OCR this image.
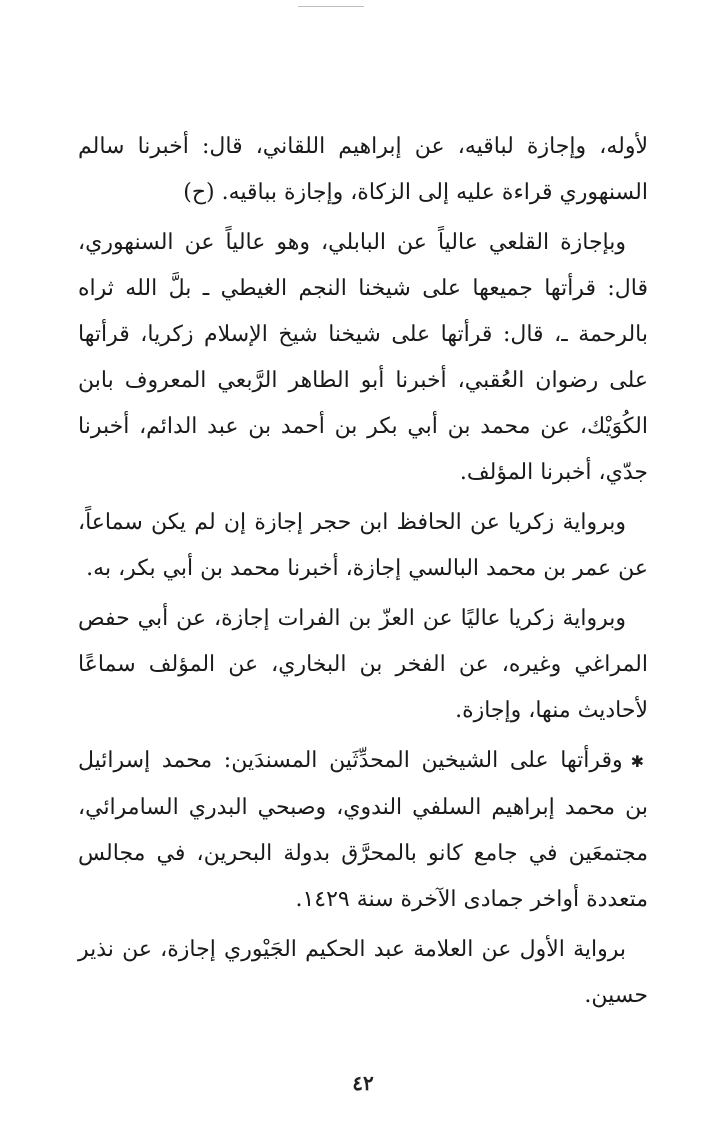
لأوله، وإجازة لباقيه، عن إبراهيم اللقاني، قال: أخبرنا سالم السنهوري قراءة عليه إلى الزكاة، وإجازة بباقيه. (ح)

وبإجازة القلعي عالياً عن البابلي، وهو عالياً عن السنهوري، قال: قرأتها جميعها على شيخنا النجم الغيطي ـ بلَّ الله ثراه بالرحمة ـ، قال: قرأتها على شيخنا شيخ الإسلام زكريا، قرأتها على رضوان العُقبي، أخبرنا أبو الطاهر الرَّبعي المعروف بابن الكُوَيْك، عن محمد بن أبي بكر بن أحمد بن عبد الدائم، أخبرنا جدّي، أخبرنا المؤلف.

وبرواية زكريا عن الحافظ ابن حجر إجازة إن لم يكن سماعاً، عن عمر بن محمد البالسي إجازة، أخبرنا محمد بن أبي بكر، به.

وبرواية زكريا عاليًا عن العزّ بن الفرات إجازة، عن أبي حفص المراغي وغيره، عن الفخر بن البخاري، عن المؤلف سماعًا لأحاديث منها، وإجازة.

✱وقرأتها على الشيخين المحدِّثَين المسندَين: محمد إسرائيل بن محمد إبراهيم السلفي الندوي، وصبحي البدري السامرائي، مجتمعَين في جامع كانو بالمحرَّق بدولة البحرين، في مجالس متعددة أواخر جمادى الآخرة سنة ١٤٢٩.

برواية الأول عن العلامة عبد الحكيم الجَيْوري إجازة، عن نذير حسين.

٤٢
